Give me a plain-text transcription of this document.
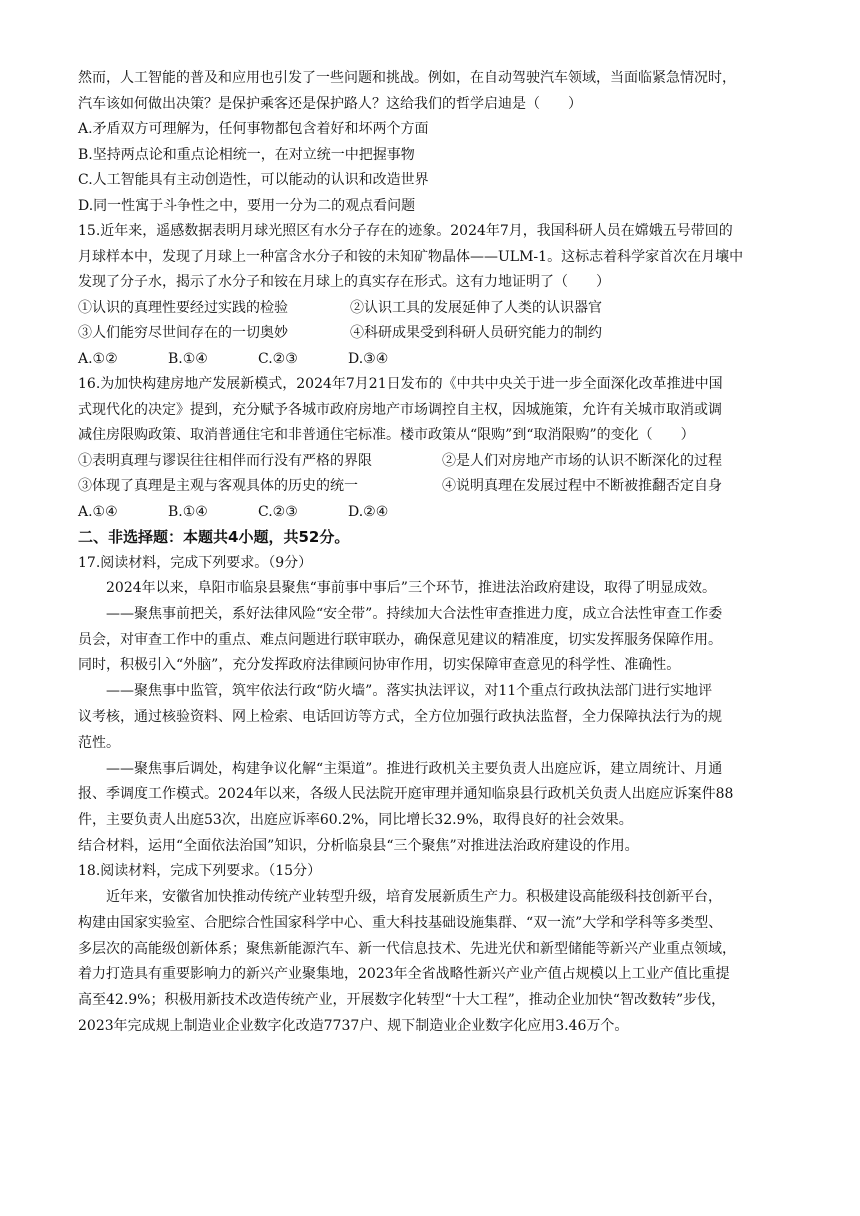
然而，人工智能的普及和应用也引发了一些问题和挑战。例如，在自动驾驶汽车领域，当面临紧急情况时，
汽车该如何做出决策？是保护乘客还是保护路人？这给我们的哲学启迪是（　　）
A.矛盾双方可理解为，任何事物都包含着好和坏两个方面
B.坚持两点论和重点论相统一，在对立统一中把握事物
C.人工智能具有主动创造性，可以能动的认识和改造世界
D.同一性寓于斗争性之中，要用一分为二的观点看问题
15.近年来，遥感数据表明月球光照区有水分子存在的迹象。2024年7月，我国科研人员在嫦娥五号带回的
月球样本中，发现了月球上一种富含水分子和铵的未知矿物晶体——ULM-1。这标志着科学家首次在月壤中
发现了分子水，揭示了水分子和铵在月球上的真实存在形式。这有力地证明了（　　）
①认识的真理性要经过实践的检验	②认识工具的发展延伸了人类的认识器官
③人们能穷尽世间存在的一切奥妙	④科研成果受到科研人员研究能力的制约
A.①②	B.①④	C.②③	D.③④
16.为加快构建房地产发展新模式，2024年7月21日发布的《中共中央关于进一步全面深化改革推进中国
式现代化的决定》提到，充分赋予各城市政府房地产市场调控自主权，因城施策，允许有关城市取消或调
减住房限购政策、取消普通住宅和非普通住宅标准。楼市政策从“限购”到“取消限购”的变化（　　）
①表明真理与谬误往往相伴而行没有严格的界限	②是人们对房地产市场的认识不断深化的过程
③体现了真理是主观与客观具体的历史的统一	④说明真理在发展过程中不断被推翻否定自身
A.①④	B.①④	C.②③	D.②④
二、非选择题：本题共4小题，共52分。
17.阅读材料，完成下列要求。（9分）
2024年以来，阜阳市临泉县聚焦“事前事中事后”三个环节，推进法治政府建设，取得了明显成效。
——聚焦事前把关，系好法律风险“安全带”。持续加大合法性审查推进力度，成立合法性审查工作委
员会，对审查工作中的重点、难点问题进行联审联办，确保意见建议的精准度，切实发挥服务保障作用。
同时，积极引入“外脑”，充分发挥政府法律顾问协审作用，切实保障审查意见的科学性、准确性。
——聚焦事中监管，筑牢依法行政“防火墙”。落实执法评议，对11个重点行政执法部门进行实地评
议考核，通过核验资料、网上检索、电话回访等方式，全方位加强行政执法监督，全力保障执法行为的规
范性。
——聚焦事后调处，构建争议化解“主渠道”。推进行政机关主要负责人出庭应诉，建立周统计、月通
报、季调度工作模式。2024年以来，各级人民法院开庭审理并通知临泉县行政机关负责人出庭应诉案件88
件，主要负责人出庭53次，出庭应诉率60.2%，同比增长32.9%，取得良好的社会效果。
结合材料，运用“全面依法治国”知识，分析临泉县“三个聚焦”对推进法治政府建设的作用。
18.阅读材料，完成下列要求。（15分）
近年来，安徽省加快推动传统产业转型升级，培育发展新质生产力。积极建设高能级科技创新平台，
构建由国家实验室、合肥综合性国家科学中心、重大科技基础设施集群、“双一流”大学和学科等多类型、
多层次的高能级创新体系；聚焦新能源汽车、新一代信息技术、先进光伏和新型储能等新兴产业重点领域，
着力打造具有重要影响力的新兴产业聚集地，2023年全省战略性新兴产业产值占规模以上工业产值比重提
高至42.9%；积极用新技术改造传统产业，开展数字化转型“十大工程”，推动企业加快“智改数转”步伐，
2023年完成规上制造业企业数字化改造7737户、规下制造业企业数字化应用3.46万个。
